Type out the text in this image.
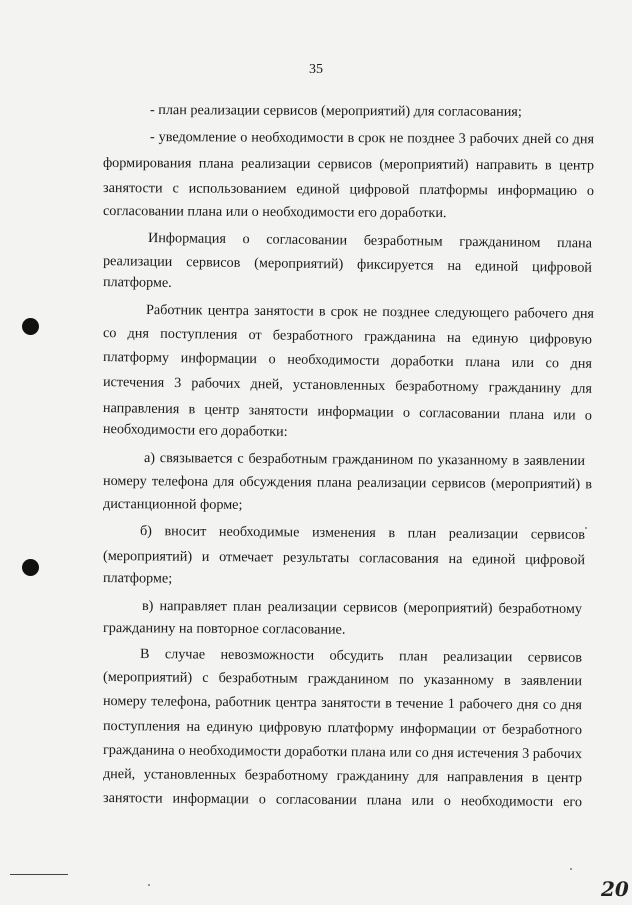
35
- план реализации сервисов (мероприятий) для согласования;
- уведомление о необходимости в срок не позднее 3 рабочих дней со дня
формирования плана реализации сервисов (мероприятий) направить в центр
занятости с использованием единой цифровой платформы информацию о
согласовании плана или о необходимости его доработки.
Информация о согласовании безработным гражданином плана
реализации сервисов (мероприятий) фиксируется на единой цифровой
платформе.
Работник центра занятости в срок не позднее следующего рабочего дня
со дня поступления от безработного гражданина на единую цифровую
платформу информации о необходимости доработки плана или со дня
истечения 3 рабочих дней, установленных безработному гражданину для
направления в центр занятости информации о согласовании плана или о
необходимости его доработки:
а) связывается с безработным гражданином по указанному в заявлении
номеру телефона для обсуждения плана реализации сервисов (мероприятий) в
дистанционной форме;
б) вносит необходимые изменения в план реализации сервисов
(мероприятий) и отмечает результаты согласования на единой цифровой
платформе;
в) направляет план реализации сервисов (мероприятий) безработному
гражданину на повторное согласование.
В случае невозможности обсудить план реализации сервисов
(мероприятий) с безработным гражданином по указанному в заявлении
номеру телефона, работник центра занятости в течение 1 рабочего дня со дня
поступления на единую цифровую платформу информации от безработного
гражданина о необходимости доработки плана или со дня истечения 3 рабочих
дней, установленных безработному гражданину для направления в центр
занятости информации о согласовании плана или о необходимости его
20
